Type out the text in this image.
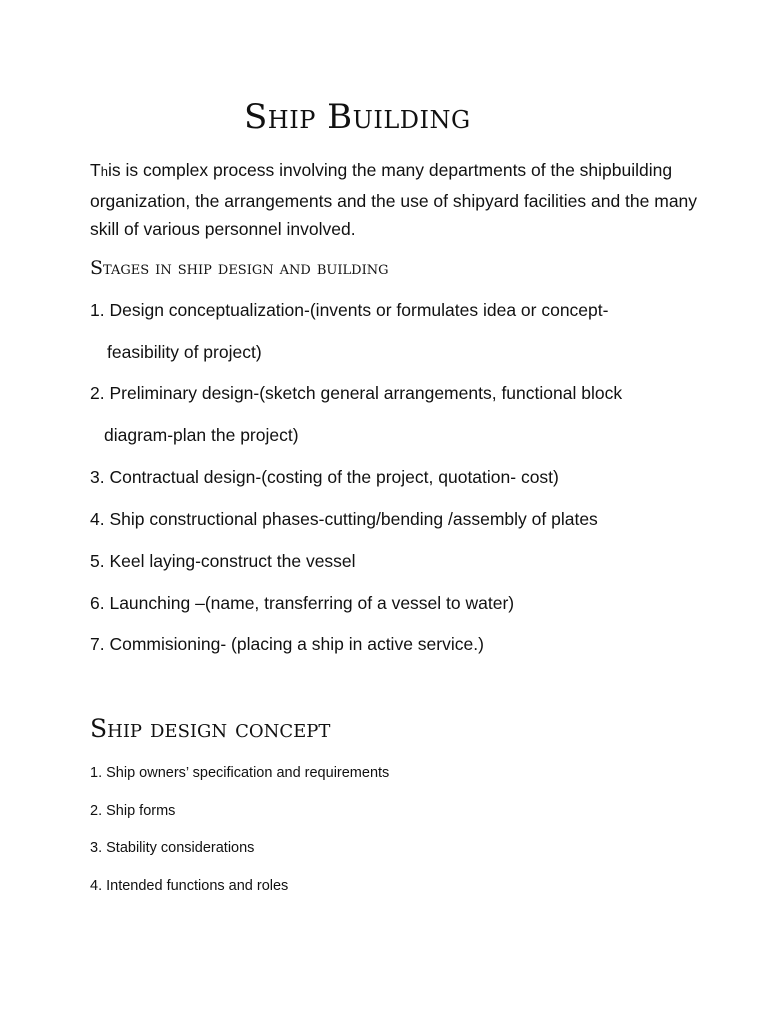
Ship Building

This is complex process involving the many departments of the shipbuilding organization, the arrangements and the use of shipyard facilities and the many skill of various personnel involved.

Stages in ship design and building

1. Design conceptualization-(invents or formulates idea or concept-

feasibility of project)

2. Preliminary design-(sketch general arrangements, functional block

diagram-plan the project)

3. Contractual design-(costing of the project, quotation- cost)

4. Ship constructional phases-cutting/bending /assembly of plates

5. Keel laying-construct the vessel

6. Launching –(name, transferring of a vessel to water)

7. Commisioning- (placing a ship in active service.)

Ship design concept

1. Ship owners’ specification and requirements

2. Ship forms

3. Stability considerations

4. Intended functions and roles
